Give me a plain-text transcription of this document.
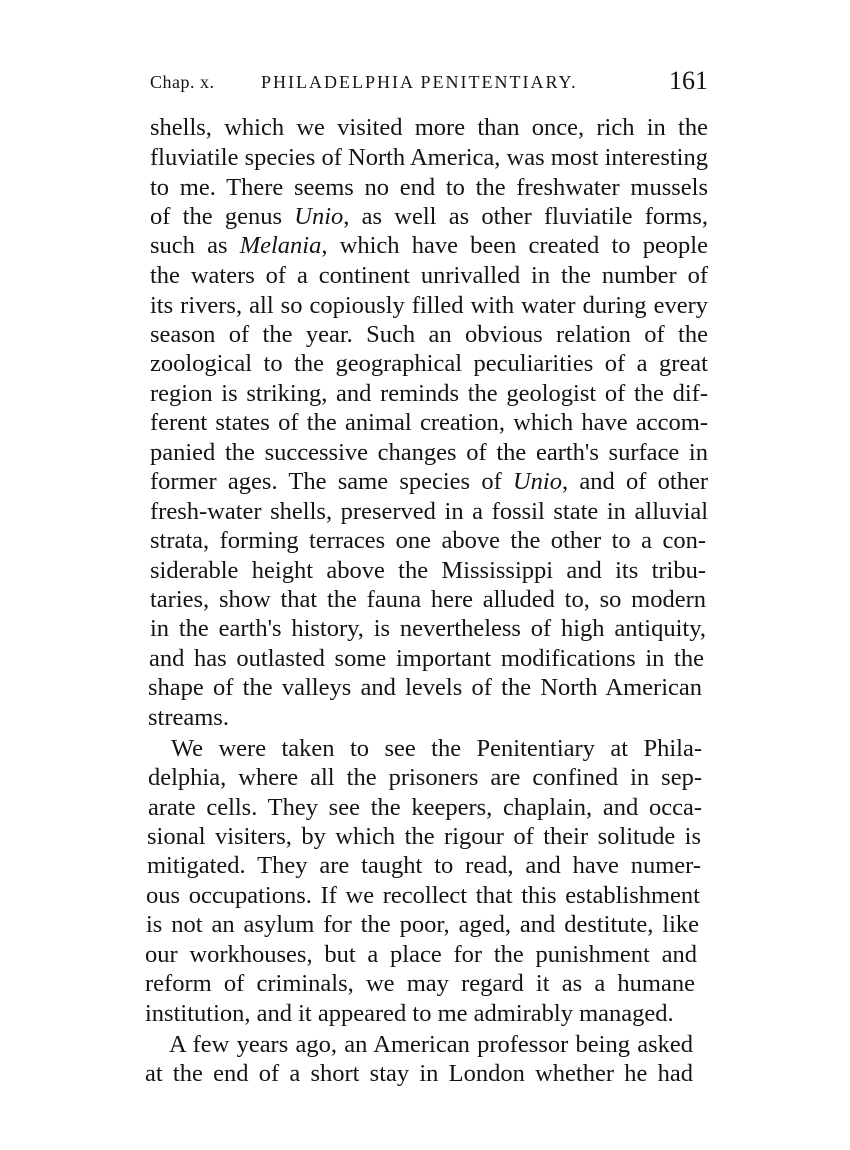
Chap. x.	PHILADELPHIA PENITENTIARY.	161
shells, which we visited more than once, rich in the
fluviatile species of North America, was most interesting
to me. There seems no end to the freshwater mussels
of the genus Unio, as well as other fluviatile forms,
such as Melania, which have been created to people
the waters of a continent unrivalled in the number of
its rivers, all so copiously filled with water during every
season of the year. Such an obvious relation of the
zoological to the geographical peculiarities of a great
region is striking, and reminds the geologist of the dif-
ferent states of the animal creation, which have accom-
panied the successive changes of the earth's surface in
former ages. The same species of Unio, and of other
fresh-water shells, preserved in a fossil state in alluvial
strata, forming terraces one above the other to a con-
siderable height above the Mississippi and its tribu-
taries, show that the fauna here alluded to, so modern
in the earth's history, is nevertheless of high antiquity,
and has outlasted some important modifications in the
shape of the valleys and levels of the North American
streams.
We were taken to see the Penitentiary at Phila-
delphia, where all the prisoners are confined in sep-
arate cells. They see the keepers, chaplain, and occa-
sional visiters, by which the rigour of their solitude is
mitigated. They are taught to read, and have numer-
ous occupations. If we recollect that this establishment
is not an asylum for the poor, aged, and destitute, like
our workhouses, but a place for the punishment and
reform of criminals, we may regard it as a humane
institution, and it appeared to me admirably managed.
A few years ago, an American professor being asked
at the end of a short stay in London whether he had
